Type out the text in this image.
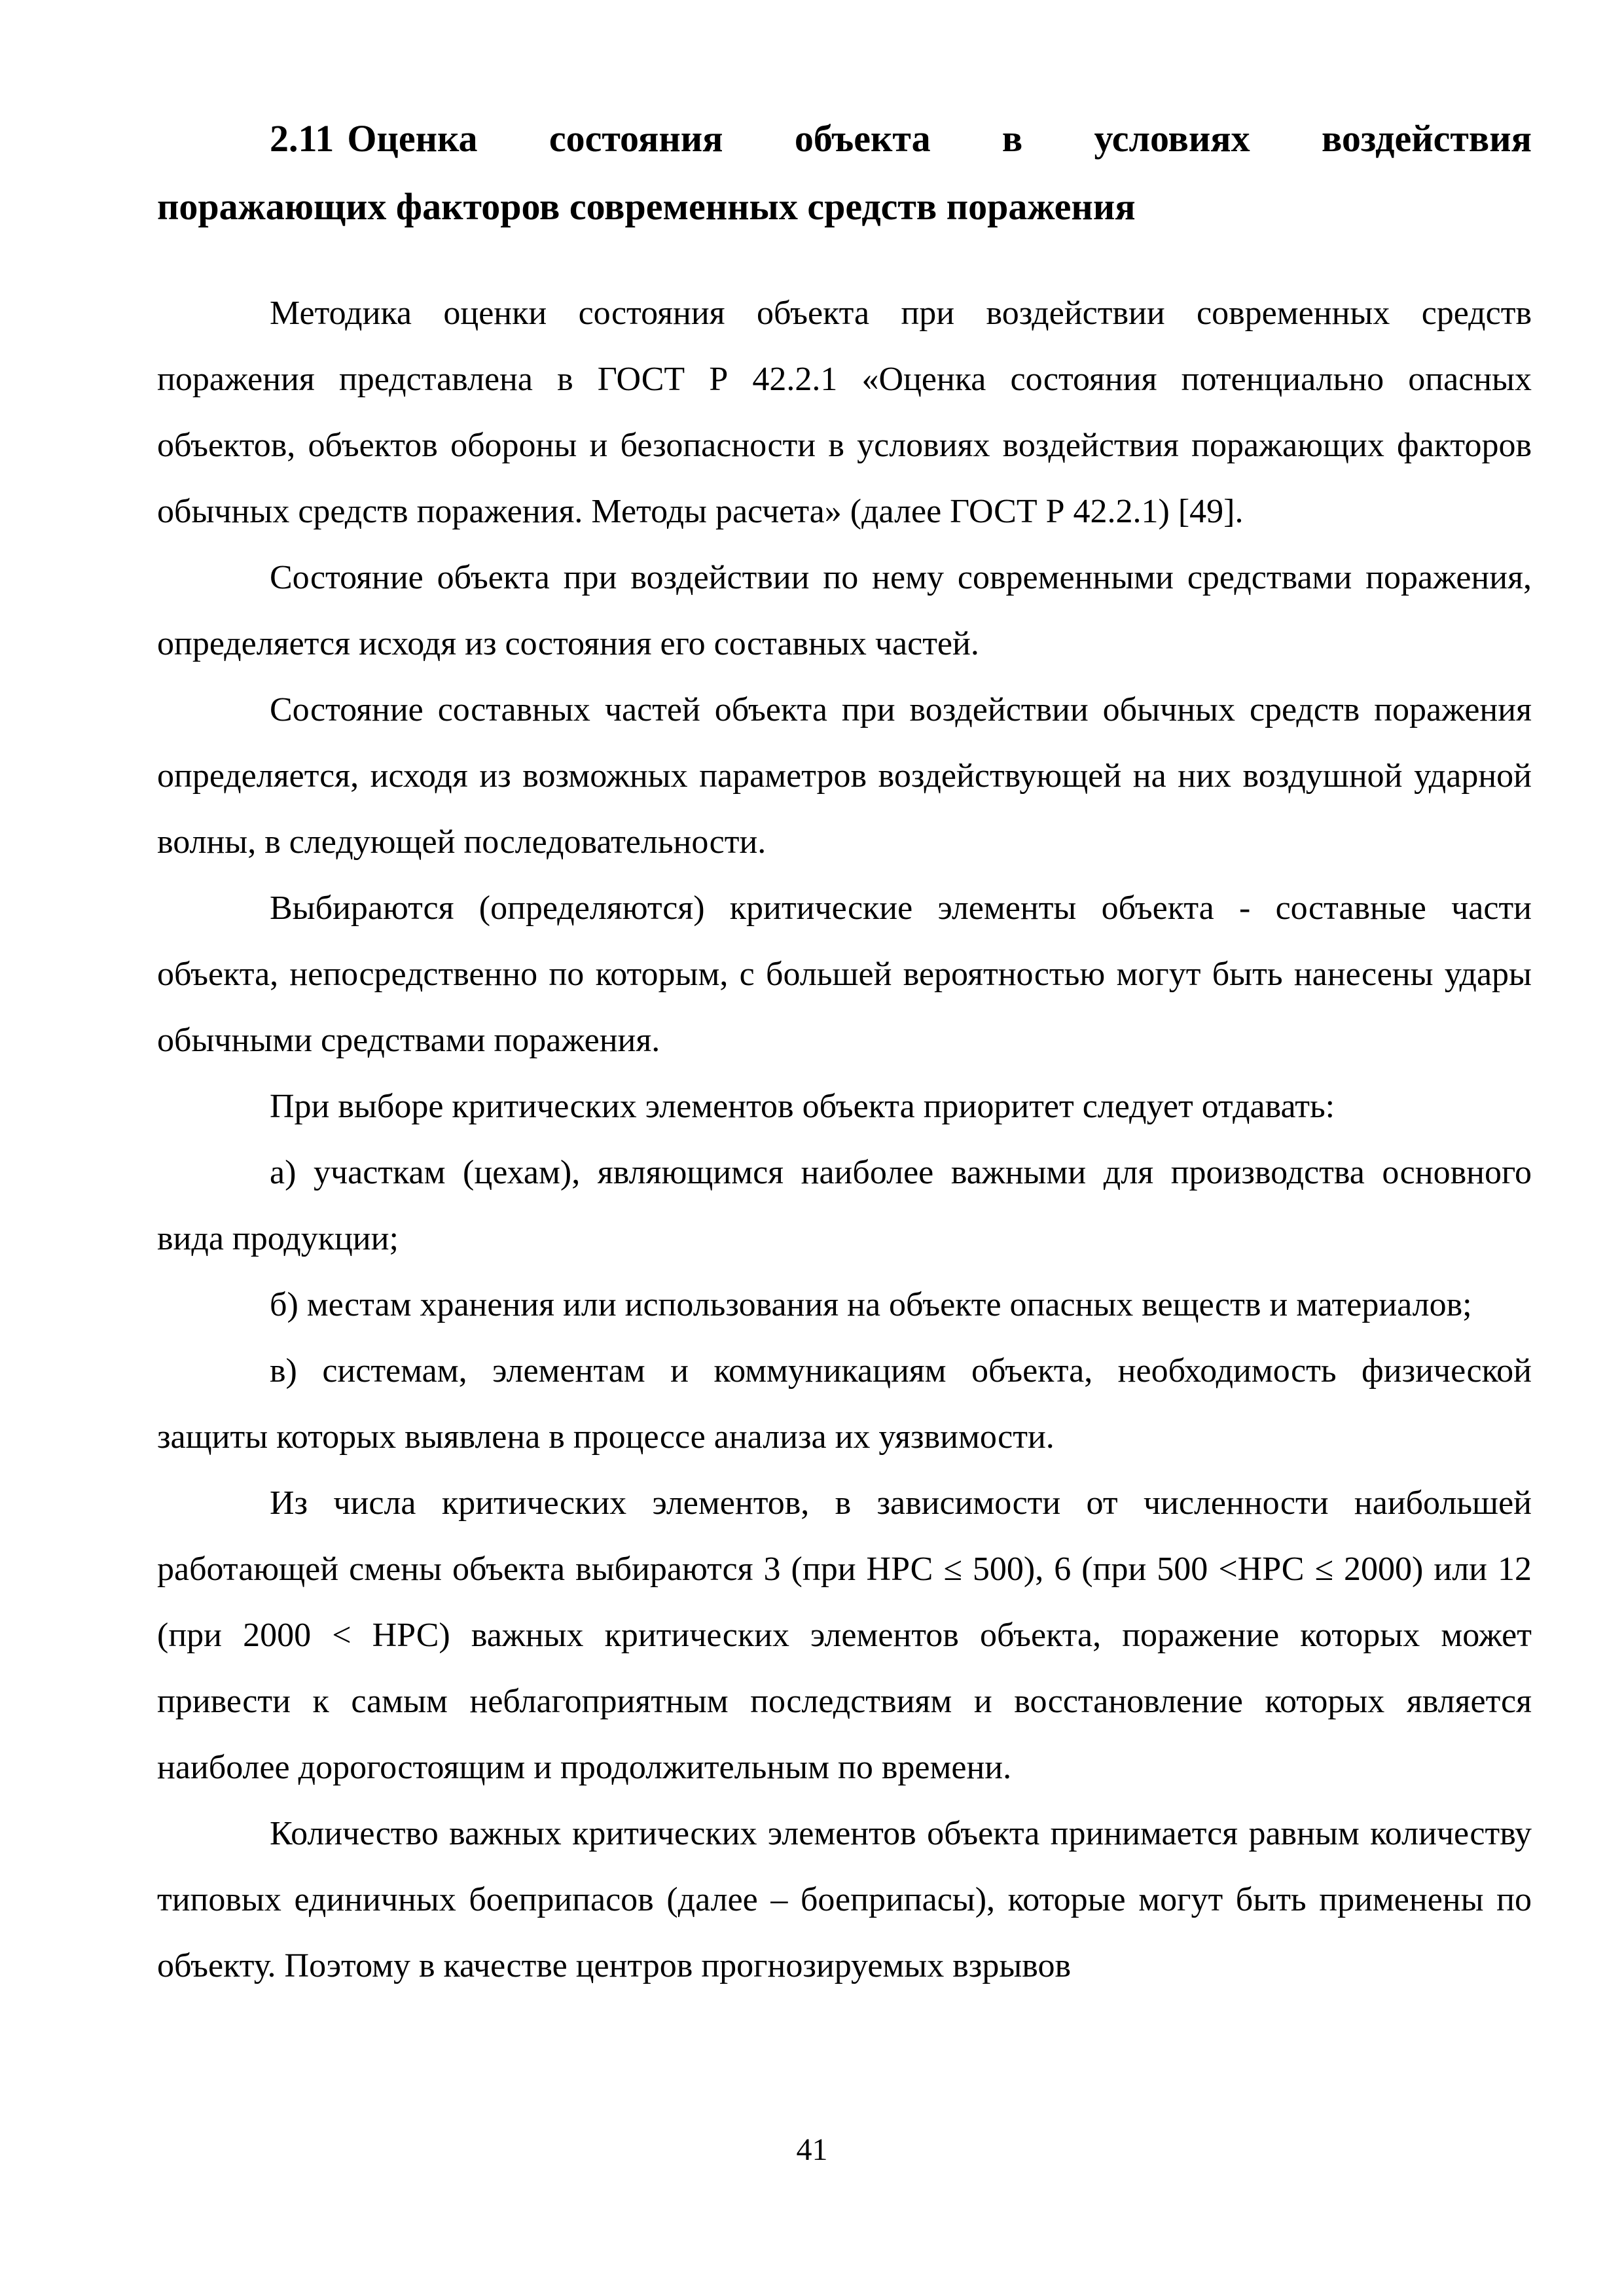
2.11 Оценка состояния объекта в условиях воздействия
поражающих факторов современных средств поражения

Методика оценки состояния объекта при воздействии современных средств поражения представлена в ГОСТ Р 42.2.1 «Оценка состояния потенциально опасных объектов, объектов обороны и безопасности в условиях воздействия поражающих факторов обычных средств поражения. Методы расчета» (далее ГОСТ Р 42.2.1) [49].

Состояние объекта при воздействии по нему современными средствами поражения, определяется исходя из состояния его составных частей.

Состояние составных частей объекта при воздействии обычных средств поражения определяется, исходя из возможных параметров воздействующей на них воздушной ударной волны, в следующей последовательности.

Выбираются (определяются) критические элементы объекта - составные части объекта, непосредственно по которым, с большей вероятностью могут быть нанесены удары обычными средствами поражения.

При выборе критических элементов объекта приоритет следует отдавать:

а) участкам (цехам), являющимся наиболее важными для производства основного вида продукции;

б) местам хранения или использования на объекте опасных веществ и материалов;

в) системам, элементам и коммуникациям объекта, необходимость физической защиты которых выявлена в процессе анализа их уязвимости.

Из числа критических элементов, в зависимости от численности наибольшей работающей смены объекта выбираются 3 (при НРС ≤ 500), 6 (при 500 <НРС ≤ 2000) или 12 (при 2000 < НРС) важных критических элементов объекта, поражение которых может привести к самым неблагоприятным последствиям и восстановление которых является наиболее дорогостоящим и продолжительным по времени.

Количество важных критических элементов объекта принимается равным количеству типовых единичных боеприпасов (далее – боеприпасы), которые могут быть применены по объекту. Поэтому в качестве центров прогнозируемых взрывов

41
